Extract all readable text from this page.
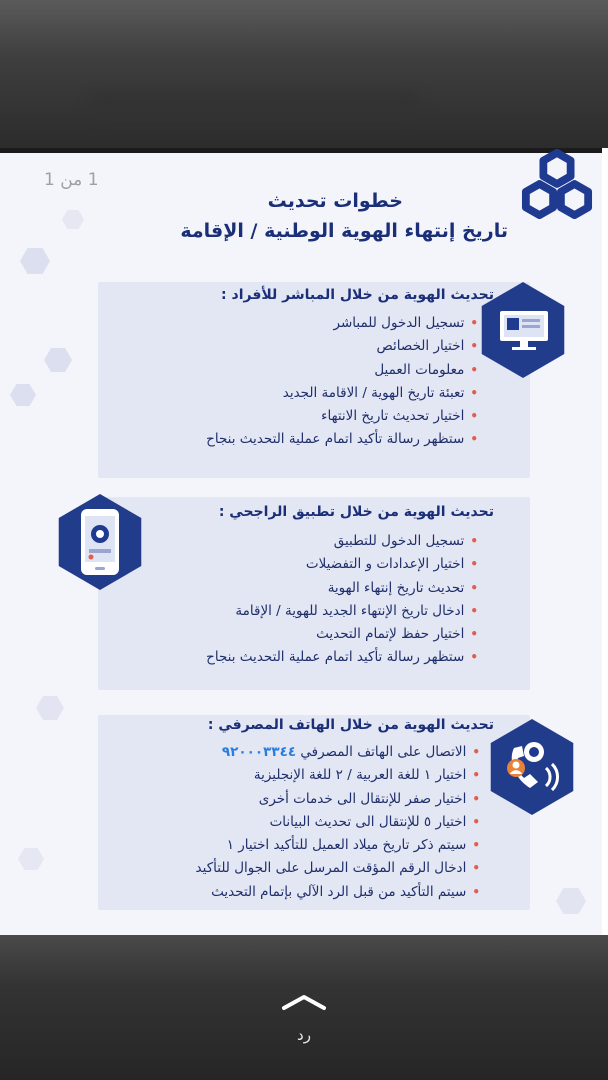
1 من 1
خطوات تحديث
تاريخ إنتهاء الهوية الوطنية / الإقامة
تحديث الهوية من خلال المباشر للأفراد :
•تسجيل الدخول للمباشر
•اختيار الخصائص
•معلومات العميل
•تعبئة تاريخ الهوية / الاقامة الجديد
•اختيار تحديث تاريخ الانتهاء
•ستظهر رسالة تأكيد اتمام عملية التحديث بنجاح
تحديث الهوية من خلال تطبيق الراجحي :
•تسجيل الدخول للتطبيق
•اختيار الإعدادات و التفضيلات
•تحديث تاريخ إنتهاء الهوية
•ادخال تاريخ الإنتهاء الجديد للهوية / الإقامة
•اختيار حفظ لإتمام التحديث
•ستظهر رسالة تأكيد اتمام عملية التحديث بنجاح
تحديث الهوية من خلال الهاتف المصرفي :
•الاتصال على الهاتف المصرفي ٩٢٠٠٠٣٣٤٤
•اختيار ١ للغة العربية / ٢ للغة الإنجليزية
•اختيار صفر للإنتقال الى خدمات أخرى
•اختيار ٥ للإنتقال الى تحديث البيانات
•سيتم ذكر تاريخ ميلاد العميل للتأكيد اختيار ١
•ادخال الرقم المؤقت المرسل على الجوال للتأكيد
•سيتم التأكيد من قبل الرد الآلي بإتمام التحديث
رد
